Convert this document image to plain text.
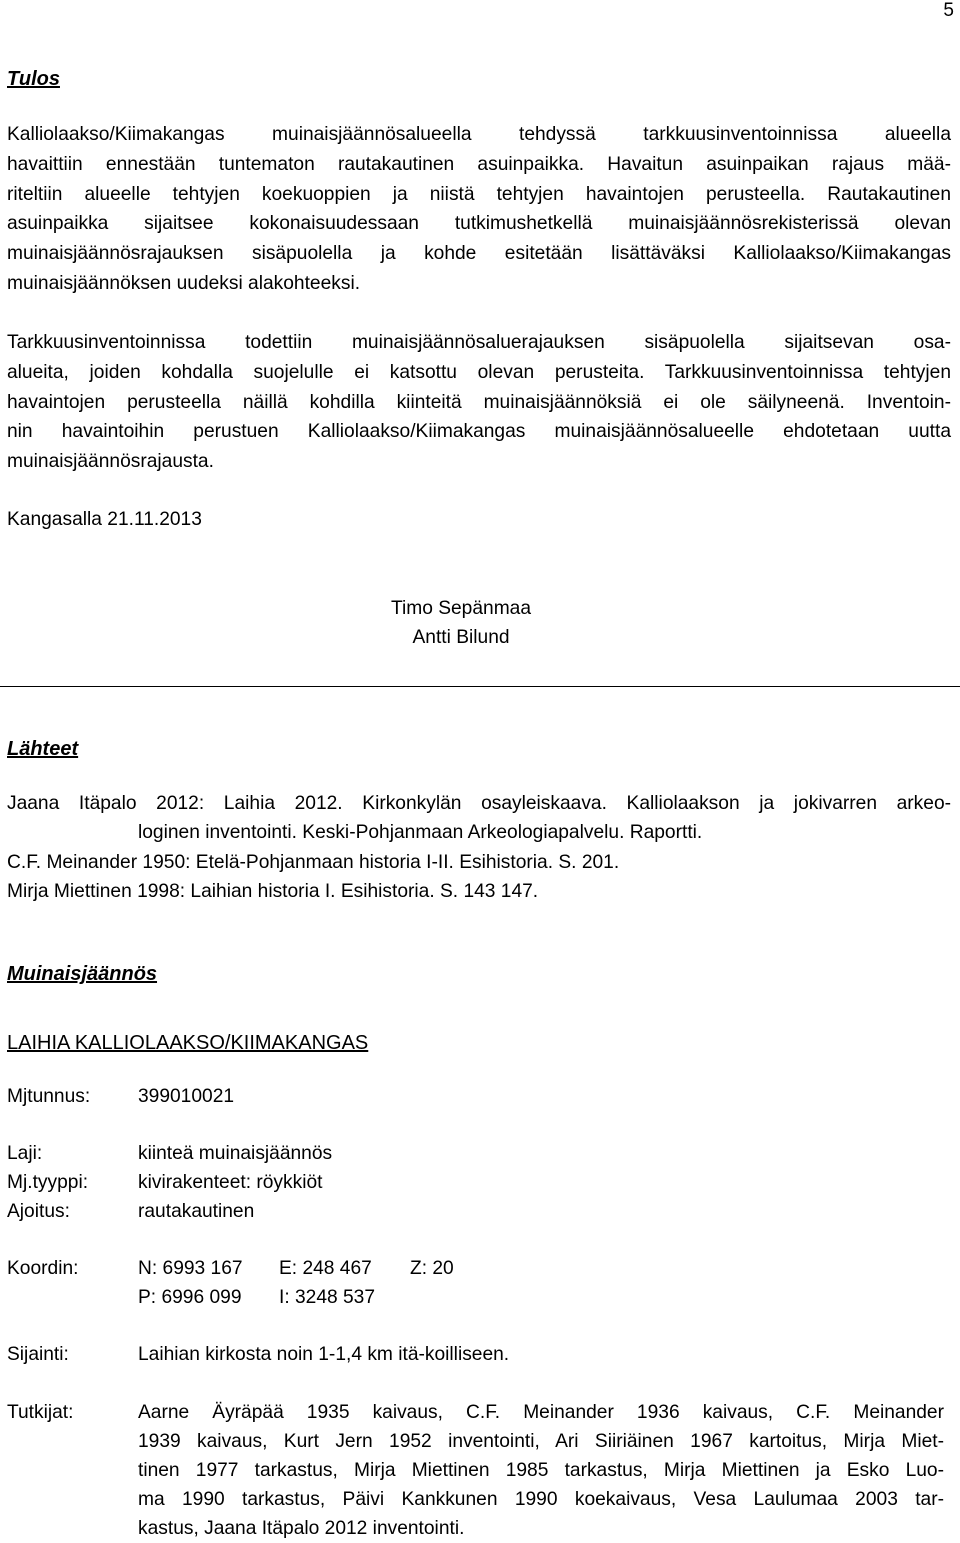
5
Tulos
Kalliolaakso/Kiimakangas muinaisjäännösalueella tehdyssä tarkkuusinventoinnissa alueella
havaittiin ennestään tuntematon rautakautinen asuinpaikka. Havaitun asuinpaikan rajaus mää-
riteltiin alueelle tehtyjen koekuoppien ja niistä tehtyjen havaintojen perusteella. Rautakautinen
asuinpaikka sijaitsee kokonaisuudessaan tutkimushetkellä muinaisjäännösrekisterissä olevan
muinaisjäännösrajauksen sisäpuolella ja kohde esitetään lisättäväksi Kalliolaakso/Kiimakangas
muinaisjäännöksen uudeksi alakohteeksi.
Tarkkuusinventoinnissa todettiin muinaisjäännösaluerajauksen sisäpuolella sijaitsevan osa-
alueita, joiden kohdalla suojelulle ei katsottu olevan perusteita. Tarkkuusinventoinnissa tehtyjen
havaintojen perusteella näillä kohdilla kiinteitä muinaisjäännöksiä ei ole säilyneenä. Inventoin-
nin havaintoihin perustuen Kalliolaakso/Kiimakangas muinaisjäännösalueelle ehdotetaan uutta
muinaisjäännösrajausta.
Kangasalla 21.11.2013
Timo Sepänmaa
Antti Bilund
Lähteet
Jaana Itäpalo 2012: Laihia 2012. Kirkonkylän osayleiskaava. Kalliolaakson ja jokivarren arkeo-
loginen inventointi. Keski-Pohjanmaan Arkeologiapalvelu. Raportti.
C.F. Meinander 1950: Etelä-Pohjanmaan historia I-II. Esihistoria. S. 201.
Mirja Miettinen 1998: Laihian historia I. Esihistoria. S. 143 147.
Muinaisjäännös
LAIHIA KALLIOLAAKSO/KIIMAKANGAS
Mjtunnus: 399010021
Laji:	kiinteä muinaisjäännös
Mj.tyyppi:	kivirakenteet: röykkiöt
Ajoitus:	rautakautinen
Koordin:	N: 6993 167 E: 248 467 Z: 20
P: 6996 099 I: 3248 537
Sijainti:	Laihian kirkosta noin 1-1,4 km itä-koilliseen.
Tutkijat:	Aarne Äyräpää 1935 kaivaus, C.F. Meinander 1936 kaivaus, C.F. Meinander
1939 kaivaus, Kurt Jern 1952 inventointi, Ari Siiriäinen 1967 kartoitus, Mirja Miet-
tinen 1977 tarkastus, Mirja Miettinen 1985 tarkastus, Mirja Miettinen ja Esko Luo-
ma 1990 tarkastus, Päivi Kankkunen 1990 koekaivaus, Vesa Laulumaa 2003 tar-
kastus, Jaana Itäpalo 2012 inventointi.
